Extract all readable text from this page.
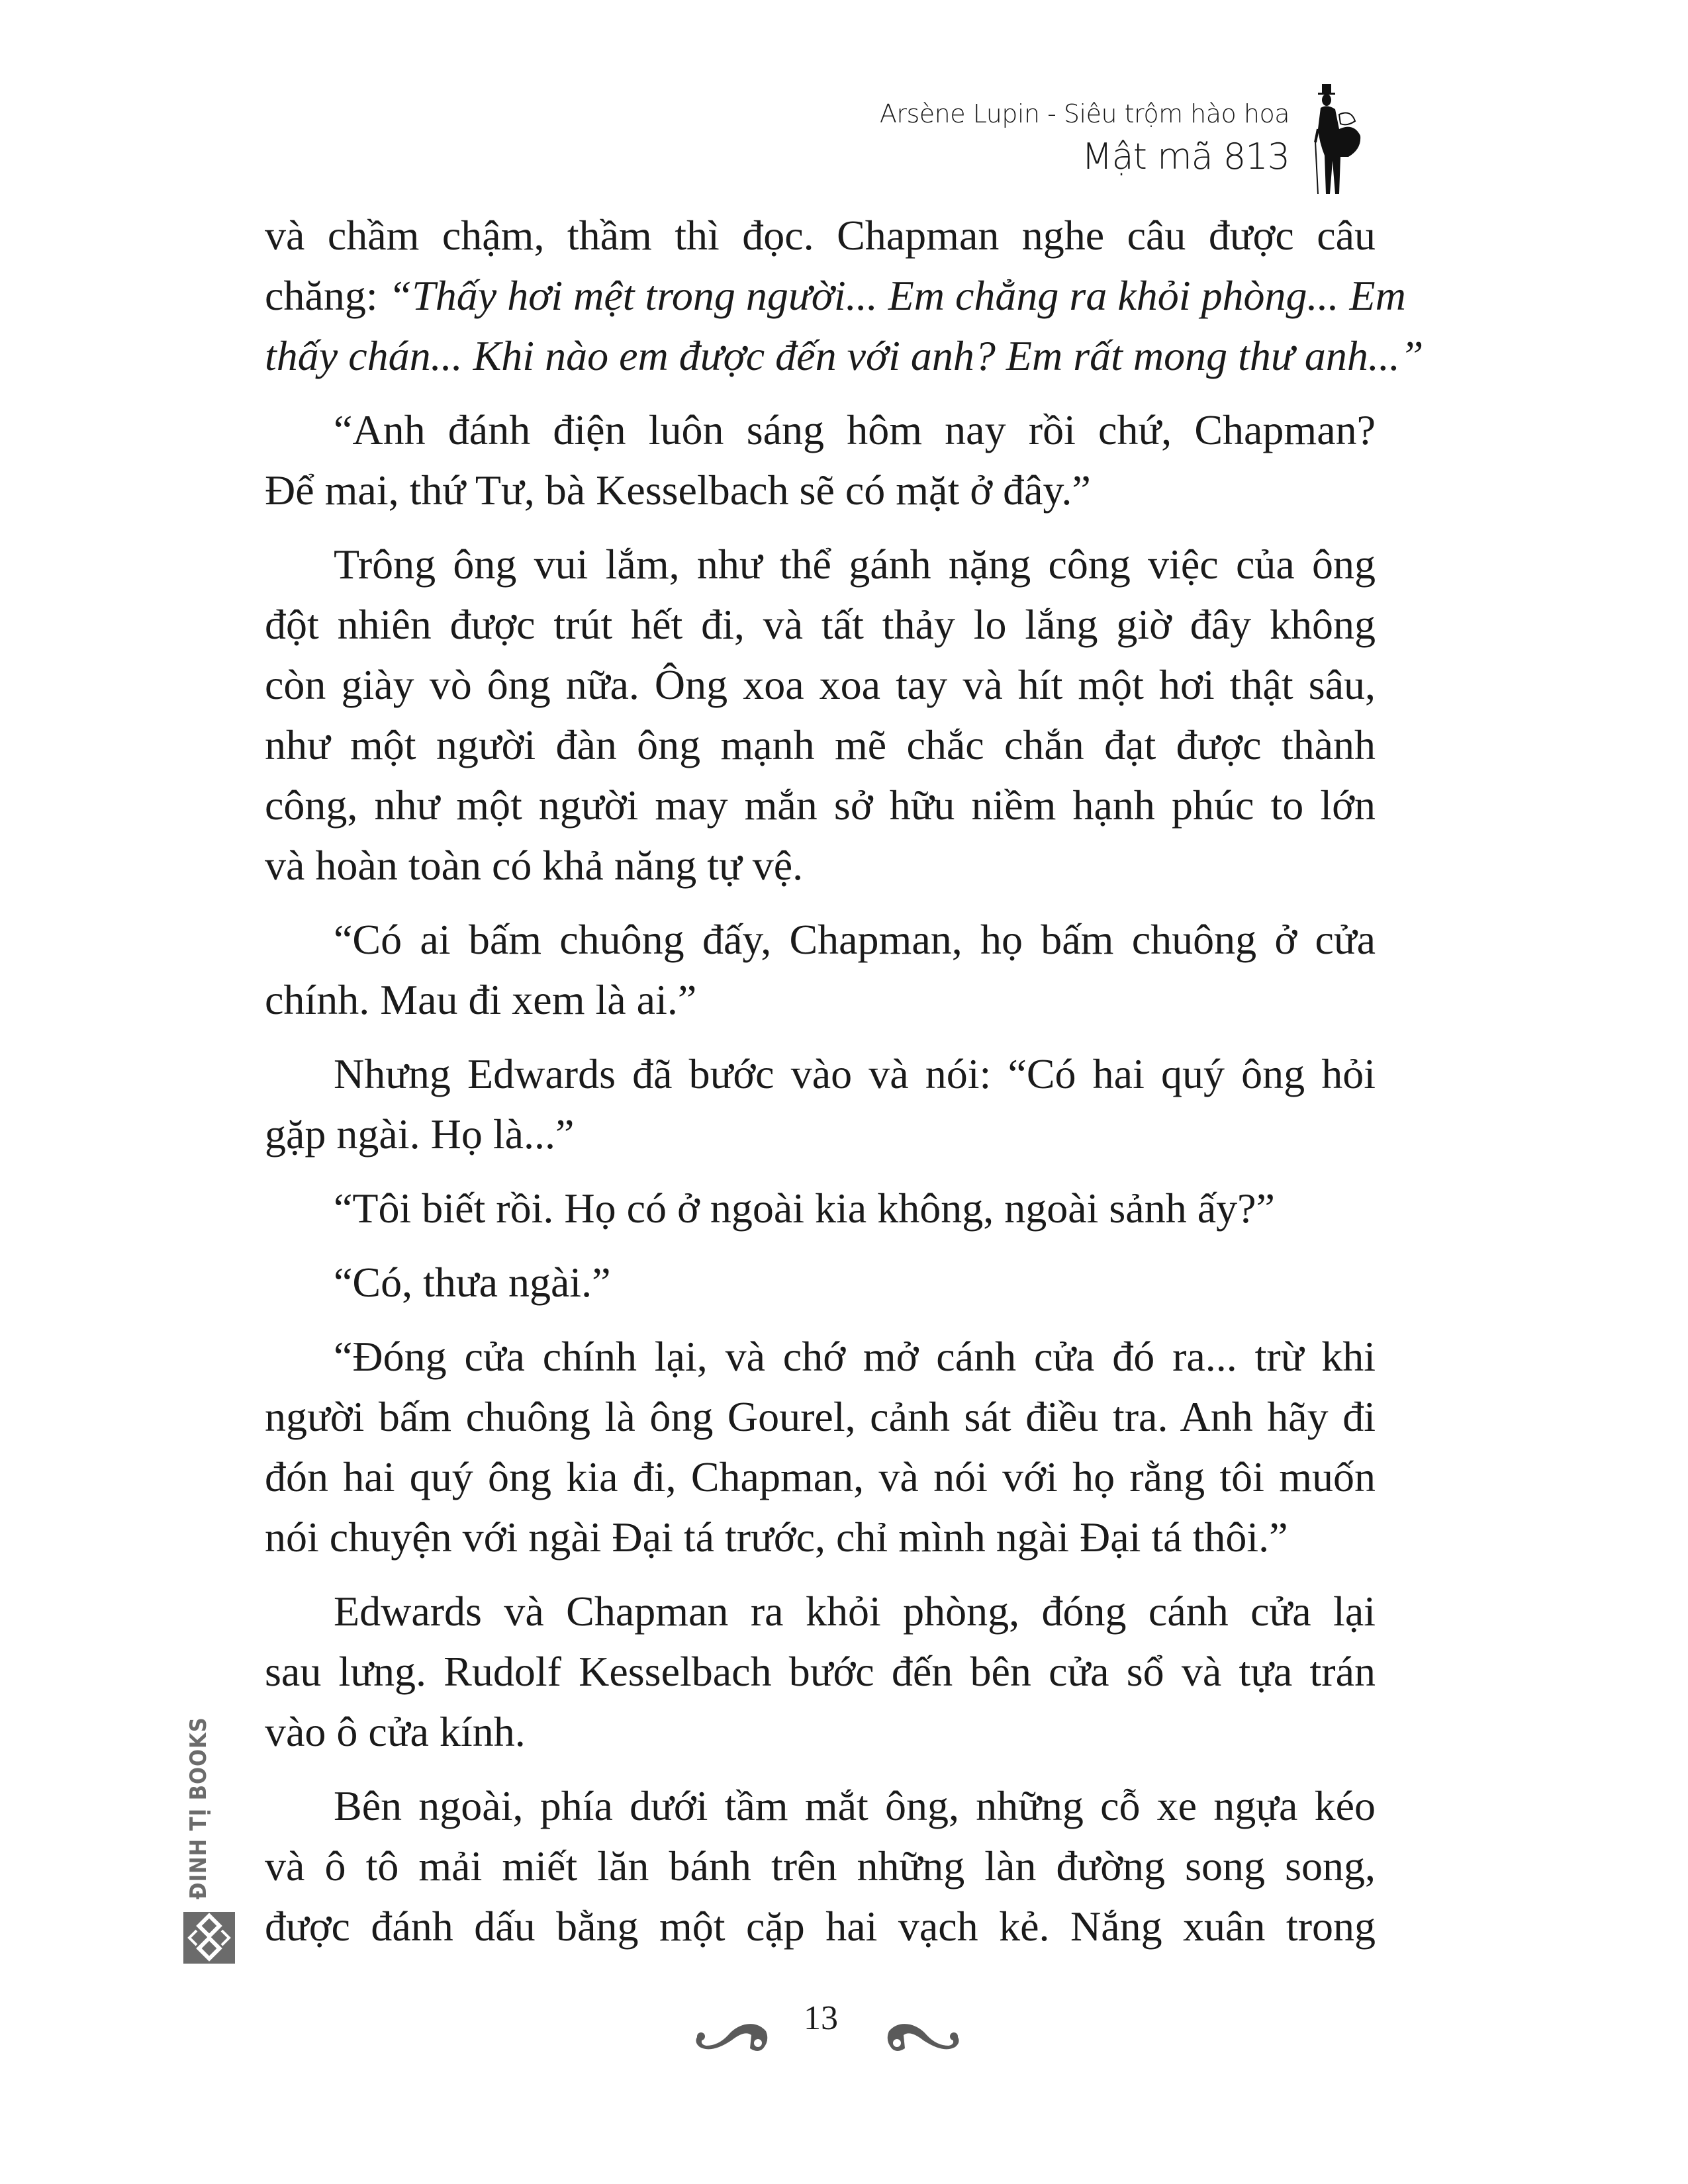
Arsène Lupin - Siêu trộm hào hoa
Mật mã 813
và chầm chậm, thầm thì đọc. Chapman nghe câu được câu
chăng: “Thấy hơi mệt trong người... Em chẳng ra khỏi phòng... Em
thấy chán... Khi nào em được đến với anh? Em rất mong thư anh...”
“Anh đánh điện luôn sáng hôm nay rồi chứ, Chapman?
Để mai, thứ Tư, bà Kesselbach sẽ có mặt ở đây.”
Trông ông vui lắm, như thể gánh nặng công việc của ông
đột nhiên được trút hết đi, và tất thảy lo lắng giờ đây không
còn giày vò ông nữa. Ông xoa xoa tay và hít một hơi thật sâu,
như một người đàn ông mạnh mẽ chắc chắn đạt được thành
công, như một người may mắn sở hữu niềm hạnh phúc to lớn
và hoàn toàn có khả năng tự vệ.
“Có ai bấm chuông đấy, Chapman, họ bấm chuông ở cửa
chính. Mau đi xem là ai.”
Nhưng Edwards đã bước vào và nói: “Có hai quý ông hỏi
gặp ngài. Họ là...”
“Tôi biết rồi. Họ có ở ngoài kia không, ngoài sảnh ấy?”
“Có, thưa ngài.”
“Đóng cửa chính lại, và chớ mở cánh cửa đó ra... trừ khi
người bấm chuông là ông Gourel, cảnh sát điều tra. Anh hãy đi
đón hai quý ông kia đi, Chapman, và nói với họ rằng tôi muốn
nói chuyện với ngài Đại tá trước, chỉ mình ngài Đại tá thôi.”
Edwards và Chapman ra khỏi phòng, đóng cánh cửa lại
sau lưng. Rudolf Kesselbach bước đến bên cửa sổ và tựa trán
vào ô cửa kính.
Bên ngoài, phía dưới tầm mắt ông, những cỗ xe ngựa kéo
và ô tô mải miết lăn bánh trên những làn đường song song,
được đánh dấu bằng một cặp hai vạch kẻ. Nắng xuân trong
13
ĐINH TỊ BOOKS
